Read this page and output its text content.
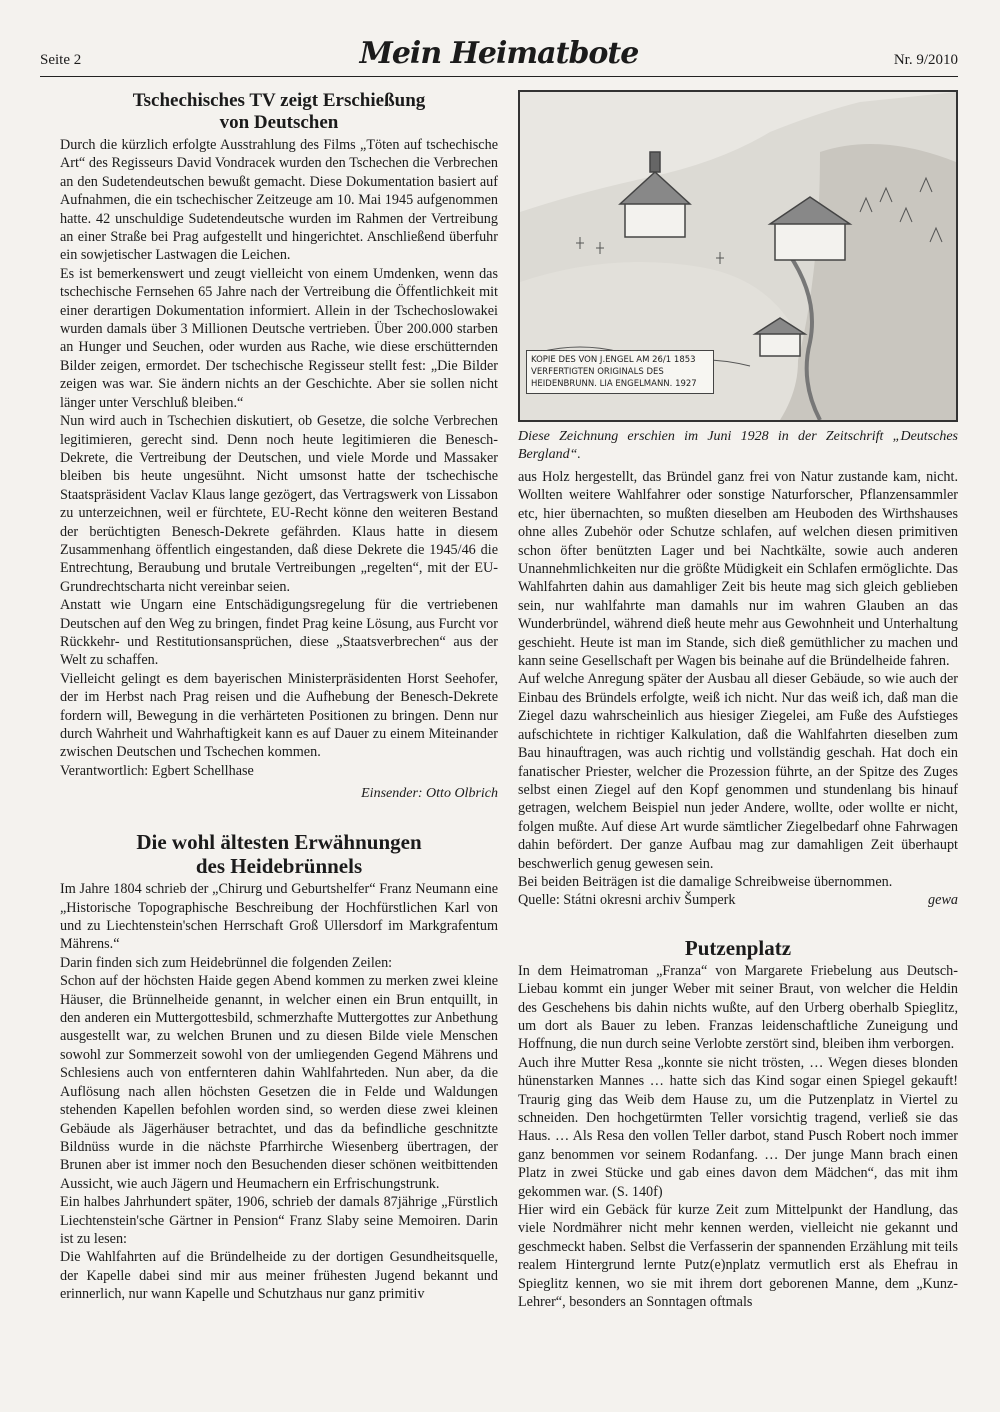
Seite 2	Mein Heimatbote	Nr. 9/2010
Tschechisches TV zeigt Erschießung
von Deutschen

Durch die kürzlich erfolgte Ausstrahlung des Films „Töten auf tschechische Art“ des Regisseurs David Vondracek wurden den Tschechen die Verbrechen an den Sudetendeutschen bewußt gemacht. Diese Dokumentation basiert auf Aufnahmen, die ein tschechischer Zeitzeuge am 10. Mai 1945 aufgenommen hatte. 42 unschuldige Sudetendeutsche wurden im Rahmen der Vertreibung an einer Straße bei Prag aufgestellt und hingerichtet. Anschließend überfuhr ein sowjetischer Lastwagen die Leichen.

Es ist bemerkenswert und zeugt vielleicht von einem Umdenken, wenn das tschechische Fernsehen 65 Jahre nach der Vertreibung die Öffentlichkeit mit einer derartigen Dokumentation informiert. Allein in der Tschechoslowakei wurden damals über 3 Millionen Deutsche vertrieben. Über 200.000 starben an Hunger und Seuchen, oder wurden aus Rache, wie diese erschütternden Bilder zeigen, ermordet. Der tschechische Regisseur stellt fest: „Die Bilder zeigen was war. Sie ändern nichts an der Geschichte. Aber sie sollen nicht länger unter Verschluß bleiben.“

Nun wird auch in Tschechien diskutiert, ob Gesetze, die solche Verbrechen legitimieren, gerecht sind. Denn noch heute legitimieren die Benesch-Dekrete, die Vertreibung der Deutschen, und viele Morde und Massaker bleiben bis heute ungesühnt. Nicht umsonst hatte der tschechische Staatspräsident Vaclav Klaus lange gezögert, das Vertragswerk von Lissabon zu unterzeichnen, weil er fürchtete, EU-Recht könne den weiteren Bestand der berüchtigten Benesch-Dekrete gefährden. Klaus hatte in diesem Zusammenhang öffentlich eingestanden, daß diese Dekrete die 1945/46 die Entrechtung, Beraubung und brutale Vertreibungen „regelten“, mit der EU-Grundrechtscharta nicht vereinbar seien.

Anstatt wie Ungarn eine Entschädigungsregelung für die vertriebenen Deutschen auf den Weg zu bringen, findet Prag keine Lösung, aus Furcht vor Rückkehr- und Restitutionsansprüchen, diese „Staatsverbrechen“ aus der Welt zu schaffen.

Vielleicht gelingt es dem bayerischen Ministerpräsidenten Horst Seehofer, der im Herbst nach Prag reisen und die Aufhebung der Benesch-Dekrete fordern will, Bewegung in die verhärteten Positionen zu bringen. Denn nur durch Wahrheit und Wahrhaftigkeit kann es auf Dauer zu einem Miteinander zwischen Deutschen und Tschechen kommen.

Verantwortlich: Egbert Schellhase

Einsender: Otto Olbrich
Die wohl ältesten Erwähnungen
des Heidebrünnels

Im Jahre 1804 schrieb der „Chirurg und Geburtshelfer“ Franz Neumann eine „Historische Topographische Beschreibung der Hochfürstlichen Karl von und zu Liechtenstein'schen Herrschaft Groß Ullersdorf im Markgrafentum Mährens.“

Darin finden sich zum Heidebrünnel die folgenden Zeilen:

Schon auf der höchsten Haide gegen Abend kommen zu merken zwei kleine Häuser, die Brünnelheide genannt, in welcher einen ein Brun entquillt, in den anderen ein Muttergottesbild, schmerzhafte Muttergottes zur Anbethung ausgestellt war, zu welchen Brunen und zu diesen Bilde viele Menschen sowohl zur Sommerzeit sowohl von der umliegenden Gegend Mährens und Schlesiens auch von entfernteren dahin Wahlfahrteden. Nun aber, da die Auflösung nach allen höchsten Gesetzen die in Felde und Waldungen stehenden Kapellen befohlen worden sind, so werden diese zwei kleinen Gebäude als Jägerhäuser betrachtet, und das da befindliche geschnitzte Bildnüss wurde in die nächste Pfarrhirche Wiesenberg übertragen, der Brunen aber ist immer noch den Besuchenden dieser schönen weitbittenden Aussicht, wie auch Jägern und Heumachern ein Erfrischungstrunk.

Ein halbes Jahrhundert später, 1906, schrieb der damals 87jährige „Fürstlich Liechtenstein'sche Gärtner in Pension“ Franz Slaby seine Memoiren. Darin ist zu lesen:

Die Wahlfahrten auf die Bründelheide zu der dortigen Gesundheitsquelle, der Kapelle dabei sind mir aus meiner frühesten Jugend bekannt und erinnerlich, nur wann Kapelle und Schutzhaus nur ganz primitiv

KOPIE DES VON J.ENGEL AM 26/1 1853 VERFERTIGTEN ORIGINALS DES HEIDENBRUNN. LIA ENGELMANN. 1927
Diese Zeichnung erschien im Juni 1928 in der Zeitschrift „Deutsches Bergland“.

aus Holz hergestellt, das Bründel ganz frei von Natur zustande kam, nicht. Wollten weitere Wahlfahrer oder sonstige Naturforscher, Pflanzensammler etc, hier übernachten, so mußten dieselben am Heuboden des Wirthshauses ohne alles Zubehör oder Schutze schlafen, auf welchen diesen primitiven schon öfter benützten Lager und bei Nachtkälte, sowie auch anderen Unannehmlichkeiten nur die größte Müdigkeit ein Schlafen ermöglichte. Das Wahlfahrten dahin aus damahliger Zeit bis heute mag sich gleich geblieben sein, nur wahlfahrte man damahls nur im wahren Glauben an das Wunderbründel, während dieß heute mehr aus Gewohnheit und Unterhaltung geschieht. Heute ist man im Stande, sich dieß gemüthlicher zu machen und kann seine Gesellschaft per Wagen bis beinahe auf die Bründelheide fahren.

Auf welche Anregung später der Ausbau all dieser Gebäude, so wie auch der Einbau des Bründels erfolgte, weiß ich nicht. Nur das weiß ich, daß man die Ziegel dazu wahrscheinlich aus hiesiger Ziegelei, am Fuße des Aufstieges aufschichtete in richtiger Kalkulation, daß die Wahlfahrten dieselben zum Bau hinauftragen, was auch richtig und vollständig geschah. Hat doch ein fanatischer Priester, welcher die Prozession führte, an der Spitze des Zuges selbst einen Ziegel auf den Kopf genommen und stundenlang bis hinauf getragen, welchem Beispiel nun jeder Andere, wollte, oder wollte er nicht, folgen mußte. Auf diese Art wurde sämtlicher Ziegelbedarf ohne Fahrwagen dahin befördert. Der ganze Aufbau mag zur damahligen Zeit überhaupt beschwerlich genug gewesen sein.

Bei beiden Beiträgen ist die damalige Schreibweise übernommen.

Quelle: Státni okresni archiv Šumperk	gewa
Putzenplatz

In dem Heimatroman „Franza“ von Margarete Friebelung aus Deutsch-Liebau kommt ein junger Weber mit seiner Braut, von welcher die Heldin des Geschehens bis dahin nichts wußte, auf den Urberg oberhalb Spieglitz, um dort als Bauer zu leben. Franzas leidenschaftliche Zuneigung und Hoffnung, die nun durch seine Verlobte zerstört sind, bleiben ihm verborgen.

Auch ihre Mutter Resa „konnte sie nicht trösten, … Wegen dieses blonden hünenstarken Mannes … hatte sich das Kind sogar einen Spiegel gekauft! Traurig ging das Weib dem Hause zu, um die Putzenplatz in Viertel zu schneiden. Den hochgetürmten Teller vorsichtig tragend, verließ sie das Haus. … Als Resa den vollen Teller darbot, stand Pusch Robert noch immer ganz benommen vor seinem Rodanfang. … Der junge Mann brach einen Platz in zwei Stücke und gab eines davon dem Mädchen“, das mit ihm gekommen war. (S. 140f)

Hier wird ein Gebäck für kurze Zeit zum Mittelpunkt der Handlung, das viele Nordmährer nicht mehr kennen werden, vielleicht nie gekannt und geschmeckt haben. Selbst die Verfasserin der spannenden Erzählung mit teils realem Hintergrund lernte Putz(e)nplatz vermutlich erst als Ehefrau in Spieglitz kennen, wo sie mit ihrem dort geborenen Manne, dem „Kunz-Lehrer“, besonders an Sonntagen oftmals
